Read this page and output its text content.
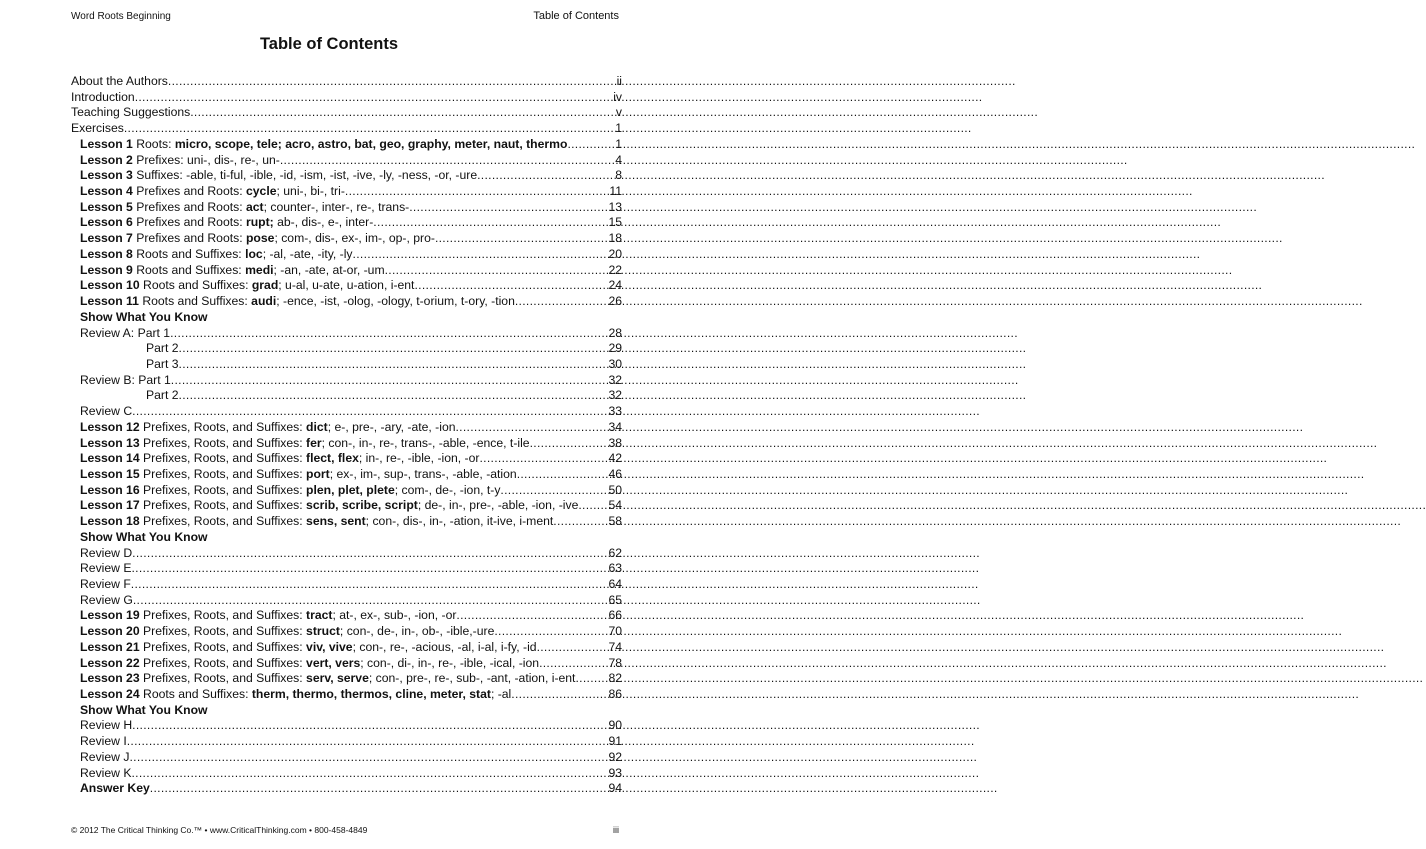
Word Roots Beginning	Table of Contents
Table of Contents
About the Authors .....	ii
Introduction .....	iv
Teaching Suggestions .....	v
Exercises .....	1
Lesson 1 Roots: micro, scope, tele; acro, astro, bat, geo, graphy, meter, naut, thermo .....	1
Lesson 2 Prefixes: uni-, dis-, re-, un- .....	4
Lesson 3 Suffixes: -able, ti-ful, -ible, -id, -ism, -ist, -ive, -ly, -ness, -or, -ure .....	8
Lesson 4 Prefixes and Roots: cycle; uni-, bi-, tri- .....	11
Lesson 5 Prefixes and Roots: act; counter-, inter-, re-, trans- .....	13
Lesson 6 Prefixes and Roots: rupt; ab-, dis-, e-, inter- .....	15
Lesson 7 Prefixes and Roots: pose; com-, dis-, ex-, im-, op-, pro- .....	18
Lesson 8 Roots and Suffixes: loc; -al, -ate, -ity, -ly .....	20
Lesson 9 Roots and Suffixes: medi; -an, -ate, at-or, -um .....	22
Lesson 10 Roots and Suffixes: grad; u-al, u-ate, u-ation, i-ent .....	24
Lesson 11 Roots and Suffixes: audi; -ence, -ist, -olog, -ology, t-orium, t-ory, -tion .....	26
Show What You Know
Review A: Part 1 .....	28
Part 2 .....	29
Part 3 .....	30
Review B: Part 1 .....	32
Part 2 .....	32
Review C .....	33
Lesson 12 Prefixes, Roots, and Suffixes: dict; e-, pre-, -ary, -ate, -ion .....	34
Lesson 13 Prefixes, Roots, and Suffixes: fer; con-, in-, re-, trans-, -able, -ence, t-ile .....	38
Lesson 14 Prefixes, Roots, and Suffixes: flect, flex; in-, re-, -ible, -ion, -or .....	42
Lesson 15 Prefixes, Roots, and Suffixes: port; ex-, im-, sup-, trans-, -able, -ation .....	46
Lesson 16 Prefixes, Roots, and Suffixes: plen, plet, plete; com-, de-, -ion, t-y .....	50
Lesson 17 Prefixes, Roots, and Suffixes: scrib, scribe, script; de-, in-, pre-, -able, -ion, -ive ..... 54
Lesson 18 Prefixes, Roots, and Suffixes: sens, sent; con-, dis-, in-, -ation, it-ive, i-ment .....	58
Show What You Know
Review D .....	62
Review E .....	63
Review F .....	64
Review G .....	65
Lesson 19 Prefixes, Roots, and Suffixes: tract; at-, ex-, sub-, -ion, -or .....	66
Lesson 20 Prefixes, Roots, and Suffixes: struct; con-, de-, in-, ob-, -ible,-ure .....	70
Lesson 21 Prefixes, Roots, and Suffixes: viv, vive; con-, re-, -acious, -al, i-al, i-fy, -id .....	74
Lesson 22 Prefixes, Roots, and Suffixes: vert, vers; con-, di-, in-, re-, -ible, -ical, -ion .....	78
Lesson 23 Prefixes, Roots, and Suffixes: serv, serve; con-, pre-, re-, sub-, -ant, -ation, i-ent .....	82
Lesson 24 Roots and Suffixes: therm, thermo, thermos, cline, meter, stat; -al .....	86
Show What You Know
Review H .....	90
Review I .....	91
Review J .....	92
Review K .....	93
Answer Key .....	94
© 2012 The Critical Thinking Co.™ • www.CriticalThinking.com • 800-458-4849	iii
